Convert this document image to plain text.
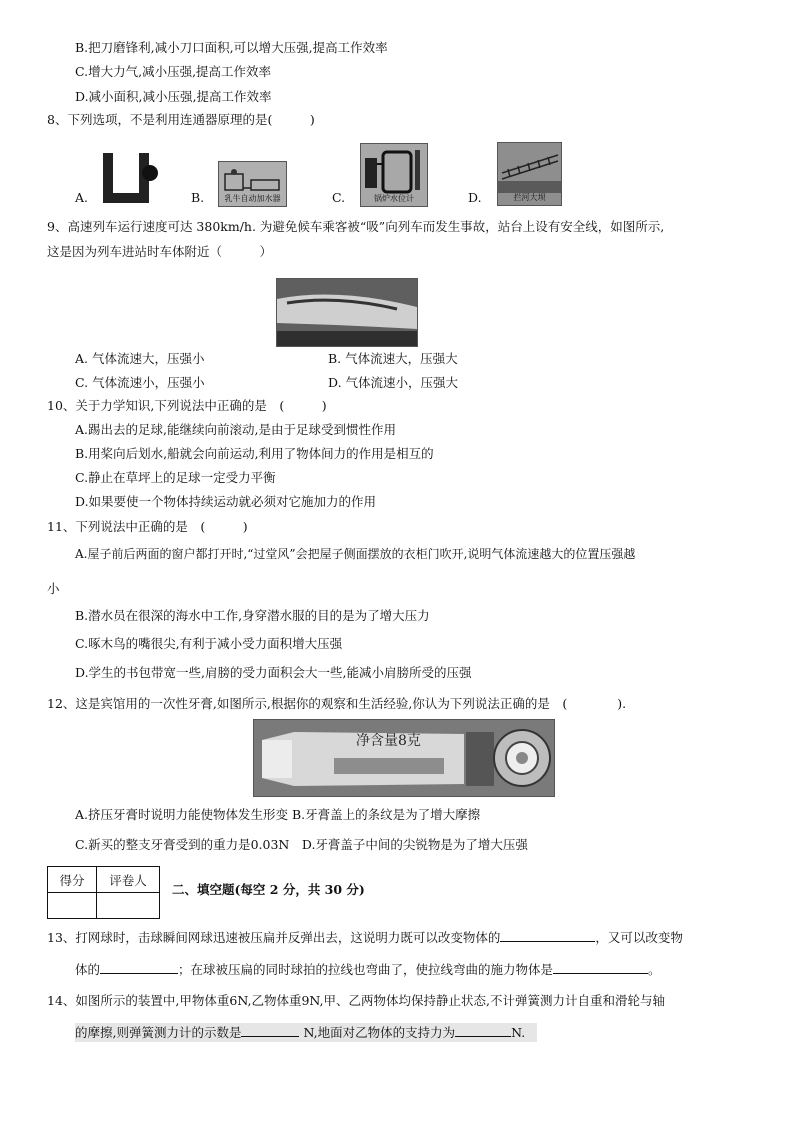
B.把刀磨锋利,减小刀口面积,可以增大压强,提高工作效率
C.增大力气,减小压强,提高工作效率
D.减小面积,减小压强,提高工作效率
8、下列选项，不是利用连通器原理的是(　　　)
A.	B.	乳牛自动加水器	C.	锅炉水位计	D.	拦河大坝
9、高速列车运行速度可达 380km/h. 为避免候车乘客被“吸”向列车而发生事故，站台上设有安全线，如图所示,
这是因为列车进站时车体附近（　　　）
A. 气体流速大，压强小	B. 气体流速大，压强大
C. 气体流速小，压强小	D. 气体流速小，压强大
10、关于力学知识,下列说法中正确的是　(　　　)
A.踢出去的足球,能继续向前滚动,是由于足球受到惯性作用
B.用桨向后划水,船就会向前运动,利用了物体间力的作用是相互的
C.静止在草坪上的足球一定受力平衡
D.如果要使一个物体持续运动就必须对它施加力的作用
11、下列说法中正确的是　(　　　)
A.屋子前后两面的窗户都打开时,“过堂风”会把屋子侧面摆放的衣柜门吹开,说明气体流速越大的位置压强越
小
B.潜水员在很深的海水中工作,身穿潜水服的目的是为了增大压力
C.啄木鸟的嘴很尖,有利于减小受力面积增大压强
D.学生的书包带宽一些,肩膀的受力面积会大一些,能减小肩膀所受的压强
12、这是宾馆用的一次性牙膏,如图所示,根据你的观察和生活经验,你认为下列说法正确的是　(　　　　).
净含量8克
A.挤压牙膏时说明力能使物体发生形变 B.牙膏盖上的条纹是为了增大摩擦
C.新买的整支牙膏受到的重力是0.03N　D.牙膏盖子中间的尖锐物是为了增大压强
得分	评卷人

二、填空题(每空 2 分，共 30 分)
13、打网球时，击球瞬间网球迅速被压扁并反弹出去，这说明力既可以改变物体的	，又可以改变物
体的	；在球被压扁的同时球拍的拉线也弯曲了，使拉线弯曲的施力物体是	。
14、如图所示的装置中,甲物体重6N,乙物体重9N,甲、乙两物体均保持静止状态,不计弹簧测力计自重和滑轮与轴
的摩擦,则弹簧测力计的示数是	N,地面对乙物体的支持力为	N.
